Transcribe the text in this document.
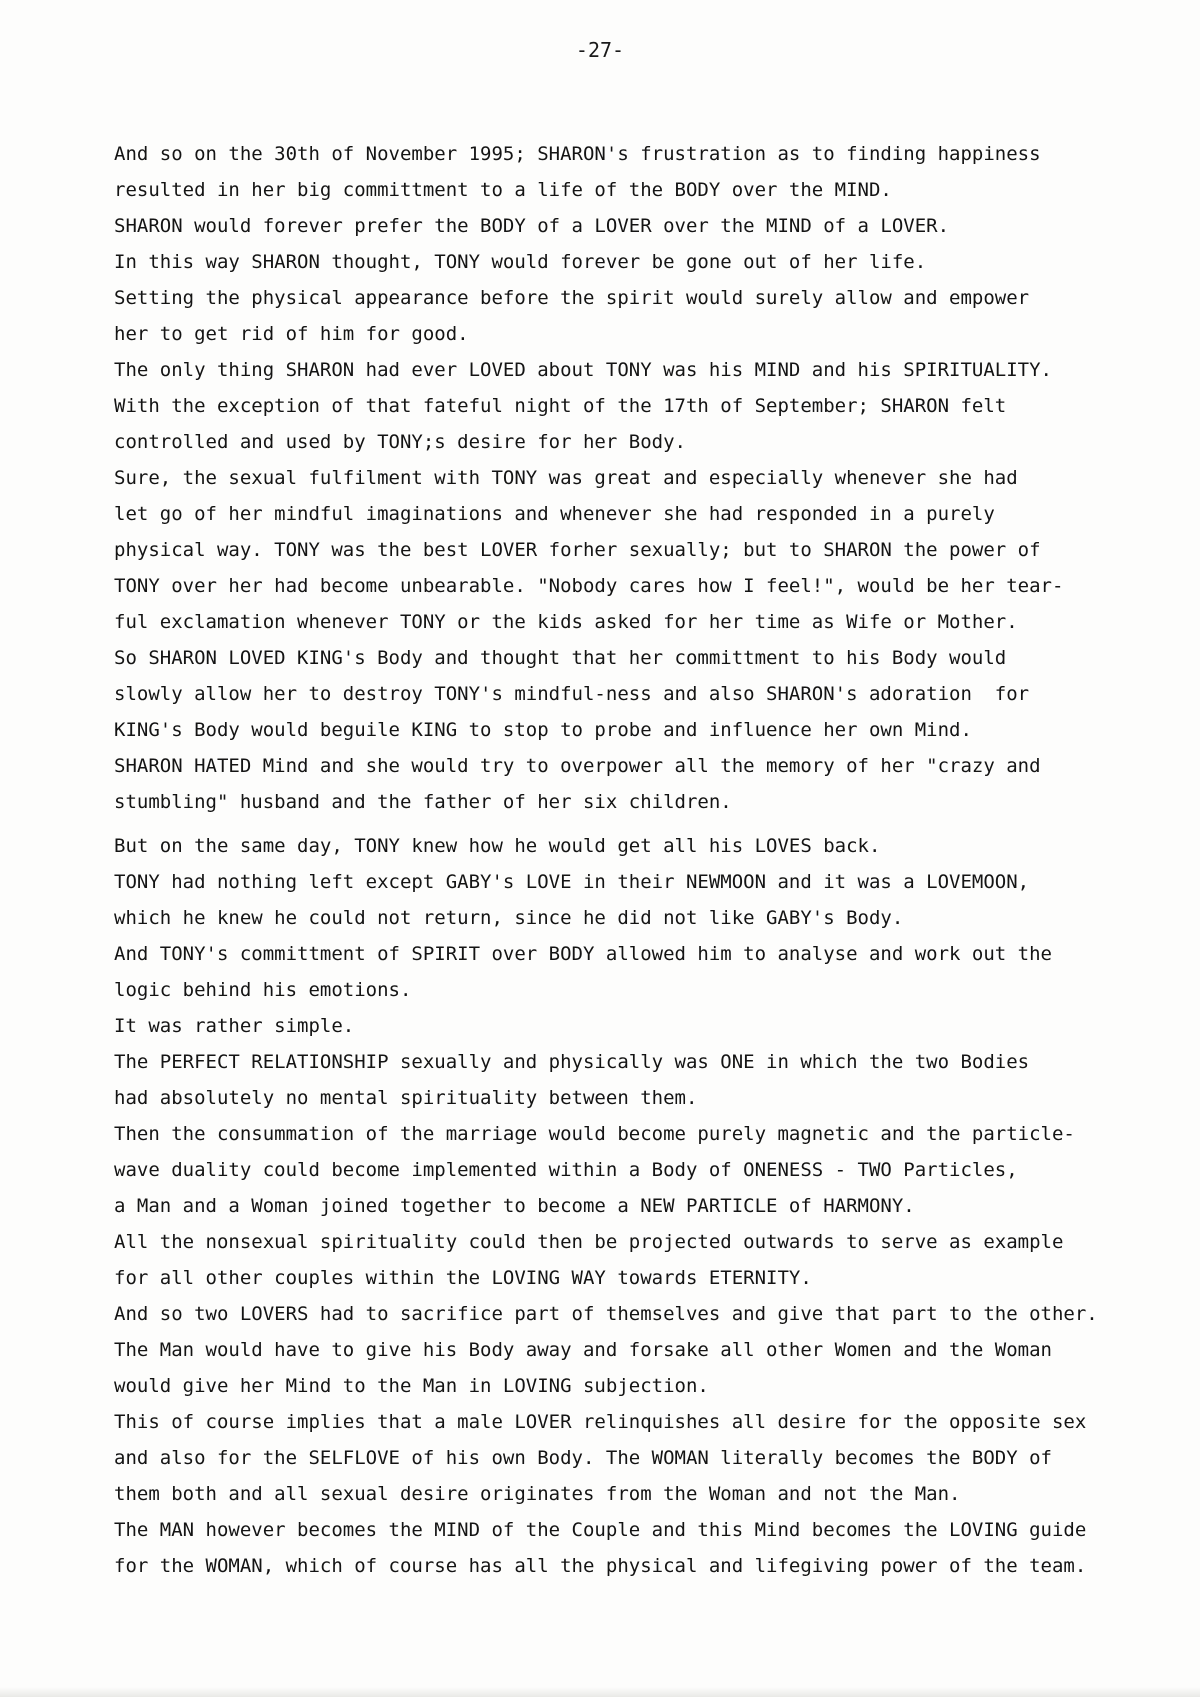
-27-
And so on the 30th of November 1995; SHARON's frustration as to finding happiness
resulted in her big committment to a life of the BODY over the MIND.
SHARON would forever prefer the BODY of a LOVER over the MIND of a LOVER.
In this way SHARON thought, TONY would forever be gone out of her life.
Setting the physical appearance before the spirit would surely allow and empower
her to get rid of him for good.
The only thing SHARON had ever LOVED about TONY was his MIND and his SPIRITUALITY.
With the exception of that fateful night of the 17th of September; SHARON felt
controlled and used by TONY;s desire for her Body.
Sure, the sexual fulfilment with TONY was great and especially whenever she had
let go of her mindful imaginations and whenever she had responded in a purely
physical way. TONY was the best LOVER forher sexually; but to SHARON the power of
TONY over her had become unbearable. "Nobody cares how I feel!", would be her tear-
ful exclamation whenever TONY or the kids asked for her time as Wife or Mother.
So SHARON LOVED KING's Body and thought that her committment to his Body would
slowly allow her to destroy TONY's mindful-ness and also SHARON's adoration  for
KING's Body would beguile KING to stop to probe and influence her own Mind.
SHARON HATED Mind and she would try to overpower all the memory of her "crazy and
stumbling" husband and the father of her six children.
But on the same day, TONY knew how he would get all his LOVES back.
TONY had nothing left except GABY's LOVE in their NEWMOON and it was a LOVEMOON,
which he knew he could not return, since he did not like GABY's Body.
And TONY's committment of SPIRIT over BODY allowed him to analyse and work out the
logic behind his emotions.
It was rather simple.
The PERFECT RELATIONSHIP sexually and physically was ONE in which the two Bodies
had absolutely no mental spirituality between them.
Then the consummation of the marriage would become purely magnetic and the particle-
wave duality could become implemented within a Body of ONENESS - TWO Particles,
a Man and a Woman joined together to become a NEW PARTICLE of HARMONY.
All the nonsexual spirituality could then be projected outwards to serve as example
for all other couples within the LOVING WAY towards ETERNITY.
And so two LOVERS had to sacrifice part of themselves and give that part to the other.
The Man would have to give his Body away and forsake all other Women and the Woman
would give her Mind to the Man in LOVING subjection.
This of course implies that a male LOVER relinquishes all desire for the opposite sex
and also for the SELFLOVE of his own Body. The WOMAN literally becomes the BODY of
them both and all sexual desire originates from the Woman and not the Man.
The MAN however becomes the MIND of the Couple and this Mind becomes the LOVING guide
for the WOMAN, which of course has all the physical and lifegiving power of the team.
